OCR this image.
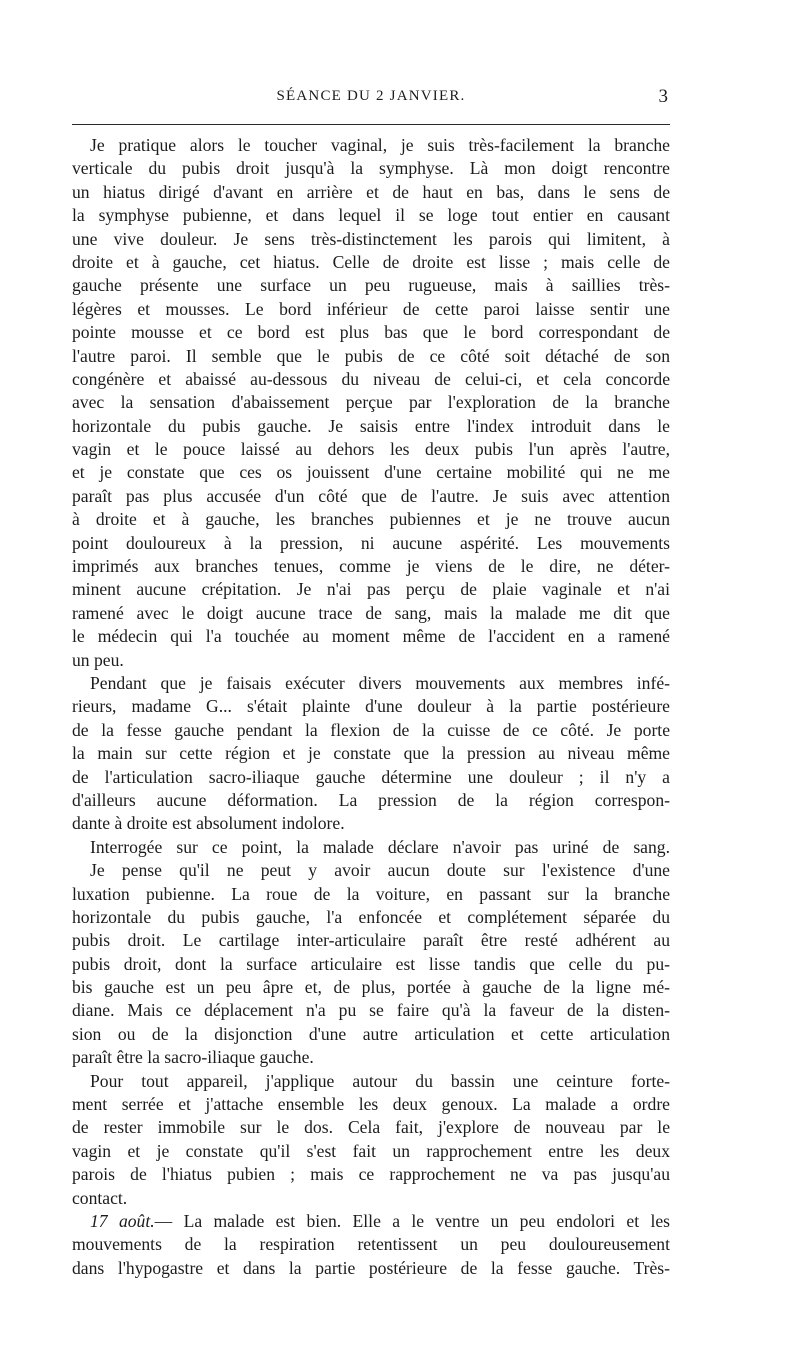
SÉANCE DU 2 JANVIER.	3
Je pratique alors le toucher vaginal, je suis très-facilement la branche
verticale du pubis droit jusqu'à la symphyse. Là mon doigt rencontre
un hiatus dirigé d'avant en arrière et de haut en bas, dans le sens de
la symphyse pubienne, et dans lequel il se loge tout entier en causant
une vive douleur. Je sens très-distinctement les parois qui limitent, à
droite et à gauche, cet hiatus. Celle de droite est lisse ; mais celle de
gauche présente une surface un peu rugueuse, mais à saillies très-
légères et mousses. Le bord inférieur de cette paroi laisse sentir une
pointe mousse et ce bord est plus bas que le bord correspondant de
l'autre paroi. Il semble que le pubis de ce côté soit détaché de son
congénère et abaissé au-dessous du niveau de celui-ci, et cela concorde
avec la sensation d'abaissement perçue par l'exploration de la branche
horizontale du pubis gauche. Je saisis entre l'index introduit dans le
vagin et le pouce laissé au dehors les deux pubis l'un après l'autre,
et je constate que ces os jouissent d'une certaine mobilité qui ne me
paraît pas plus accusée d'un côté que de l'autre. Je suis avec attention
à droite et à gauche, les branches pubiennes et je ne trouve aucun
point douloureux à la pression, ni aucune aspérité. Les mouvements
imprimés aux branches tenues, comme je viens de le dire, ne déter-
minent aucune crépitation. Je n'ai pas perçu de plaie vaginale et n'ai
ramené avec le doigt aucune trace de sang, mais la malade me dit que
le médecin qui l'a touchée au moment même de l'accident en a ramené
un peu.
Pendant que je faisais exécuter divers mouvements aux membres infé-
rieurs, madame G... s'était plainte d'une douleur à la partie postérieure
de la fesse gauche pendant la flexion de la cuisse de ce côté. Je porte
la main sur cette région et je constate que la pression au niveau même
de l'articulation sacro-iliaque gauche détermine une douleur ; il n'y a
d'ailleurs aucune déformation. La pression de la région correspon-
dante à droite est absolument indolore.
Interrogée sur ce point, la malade déclare n'avoir pas uriné de sang.
Je pense qu'il ne peut y avoir aucun doute sur l'existence d'une
luxation pubienne. La roue de la voiture, en passant sur la branche
horizontale du pubis gauche, l'a enfoncée et complétement séparée du
pubis droit. Le cartilage inter-articulaire paraît être resté adhérent au
pubis droit, dont la surface articulaire est lisse tandis que celle du pu-
bis gauche est un peu âpre et, de plus, portée à gauche de la ligne mé-
diane. Mais ce déplacement n'a pu se faire qu'à la faveur de la disten-
sion ou de la disjonction d'une autre articulation et cette articulation
paraît être la sacro-iliaque gauche.
Pour tout appareil, j'applique autour du bassin une ceinture forte-
ment serrée et j'attache ensemble les deux genoux. La malade a ordre
de rester immobile sur le dos. Cela fait, j'explore de nouveau par le
vagin et je constate qu'il s'est fait un rapprochement entre les deux
parois de l'hiatus pubien ; mais ce rapprochement ne va pas jusqu'au
contact.
17 août.— La malade est bien. Elle a le ventre un peu endolori et les
mouvements de la respiration retentissent un peu douloureusement
dans l'hypogastre et dans la partie postérieure de la fesse gauche. Très-
